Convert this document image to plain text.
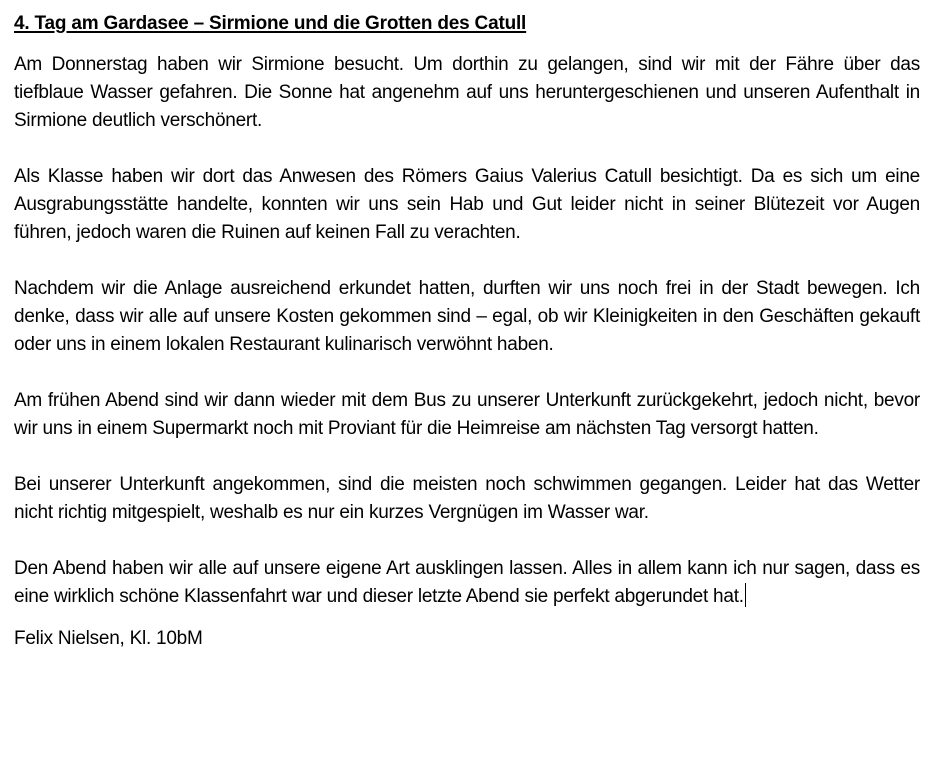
4. Tag am Gardasee – Sirmione und die Grotten des Catull

Am Donnerstag haben wir Sirmione besucht. Um dorthin zu gelangen, sind wir mit der Fähre über das tiefblaue Wasser gefahren. Die Sonne hat angenehm auf uns heruntergeschienen und unseren Aufenthalt in Sirmione deutlich verschönert.

Als Klasse haben wir dort das Anwesen des Römers Gaius Valerius Catull besichtigt. Da es sich um eine Ausgrabungsstätte handelte, konnten wir uns sein Hab und Gut leider nicht in seiner Blütezeit vor Augen führen, jedoch waren die Ruinen auf keinen Fall zu verachten.

Nachdem wir die Anlage ausreichend erkundet hatten, durften wir uns noch frei in der Stadt bewegen. Ich denke, dass wir alle auf unsere Kosten gekommen sind – egal, ob wir Kleinigkeiten in den Geschäften gekauft oder uns in einem lokalen Restaurant kulinarisch verwöhnt haben.

Am frühen Abend sind wir dann wieder mit dem Bus zu unserer Unterkunft zurückgekehrt, jedoch nicht, bevor wir uns in einem Supermarkt noch mit Proviant für die Heimreise am nächsten Tag versorgt hatten.

Bei unserer Unterkunft angekommen, sind die meisten noch schwimmen gegangen. Leider hat das Wetter nicht richtig mitgespielt, weshalb es nur ein kurzes Vergnügen im Wasser war.

Den Abend haben wir alle auf unsere eigene Art ausklingen lassen. Alles in allem kann ich nur sagen, dass es eine wirklich schöne Klassenfahrt war und dieser letzte Abend sie perfekt abgerundet hat.

Felix Nielsen, Kl. 10bM
